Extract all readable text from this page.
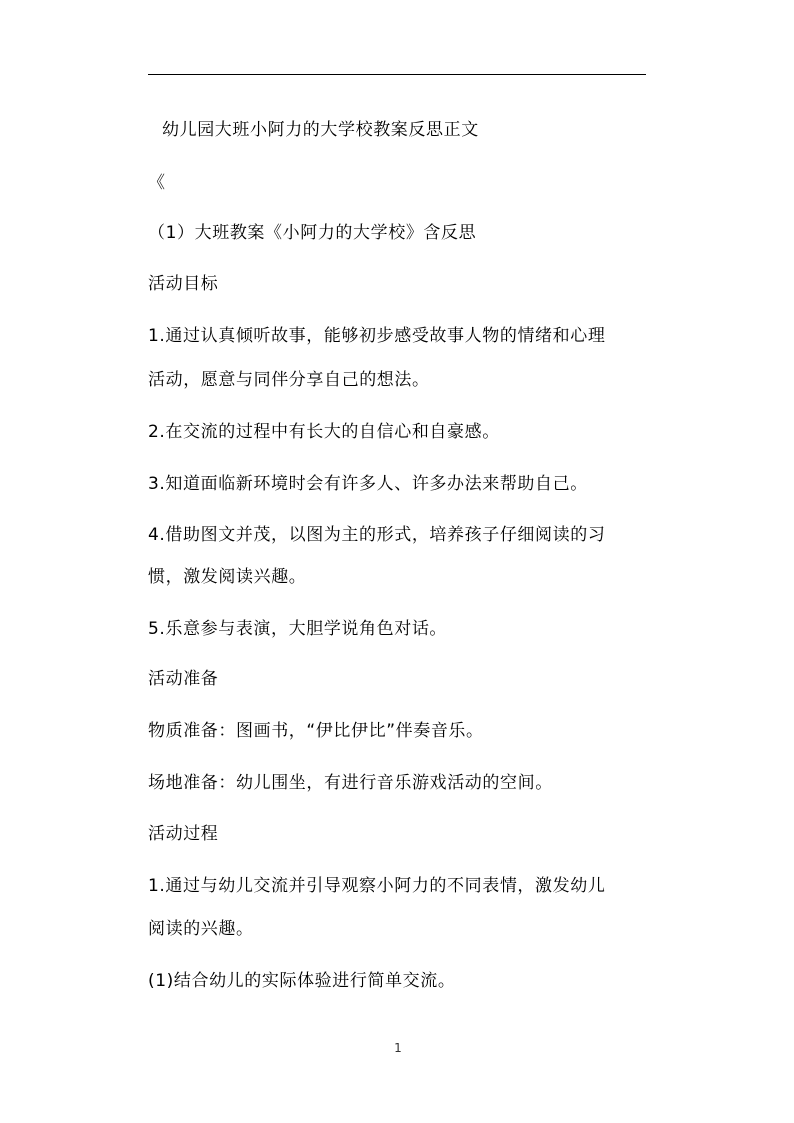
幼儿园大班小阿力的大学校教案反思正文
《
（1）大班教案《小阿力的大学校》含反思
活动目标
1.通过认真倾听故事，能够初步感受故事人物的情绪和心理
活动，愿意与同伴分享自己的想法。
2.在交流的过程中有长大的自信心和自豪感。
3.知道面临新环境时会有许多人、许多办法来帮助自己。
4.借助图文并茂，以图为主的形式，培养孩子仔细阅读的习
惯，激发阅读兴趣。
5.乐意参与表演，大胆学说角色对话。
活动准备
物质准备：图画书，“伊比伊比”伴奏音乐。
场地准备：幼儿围坐，有进行音乐游戏活动的空间。
活动过程
1.通过与幼儿交流并引导观察小阿力的不同表情，激发幼儿
阅读的兴趣。
(1)结合幼儿的实际体验进行简单交流。
1
